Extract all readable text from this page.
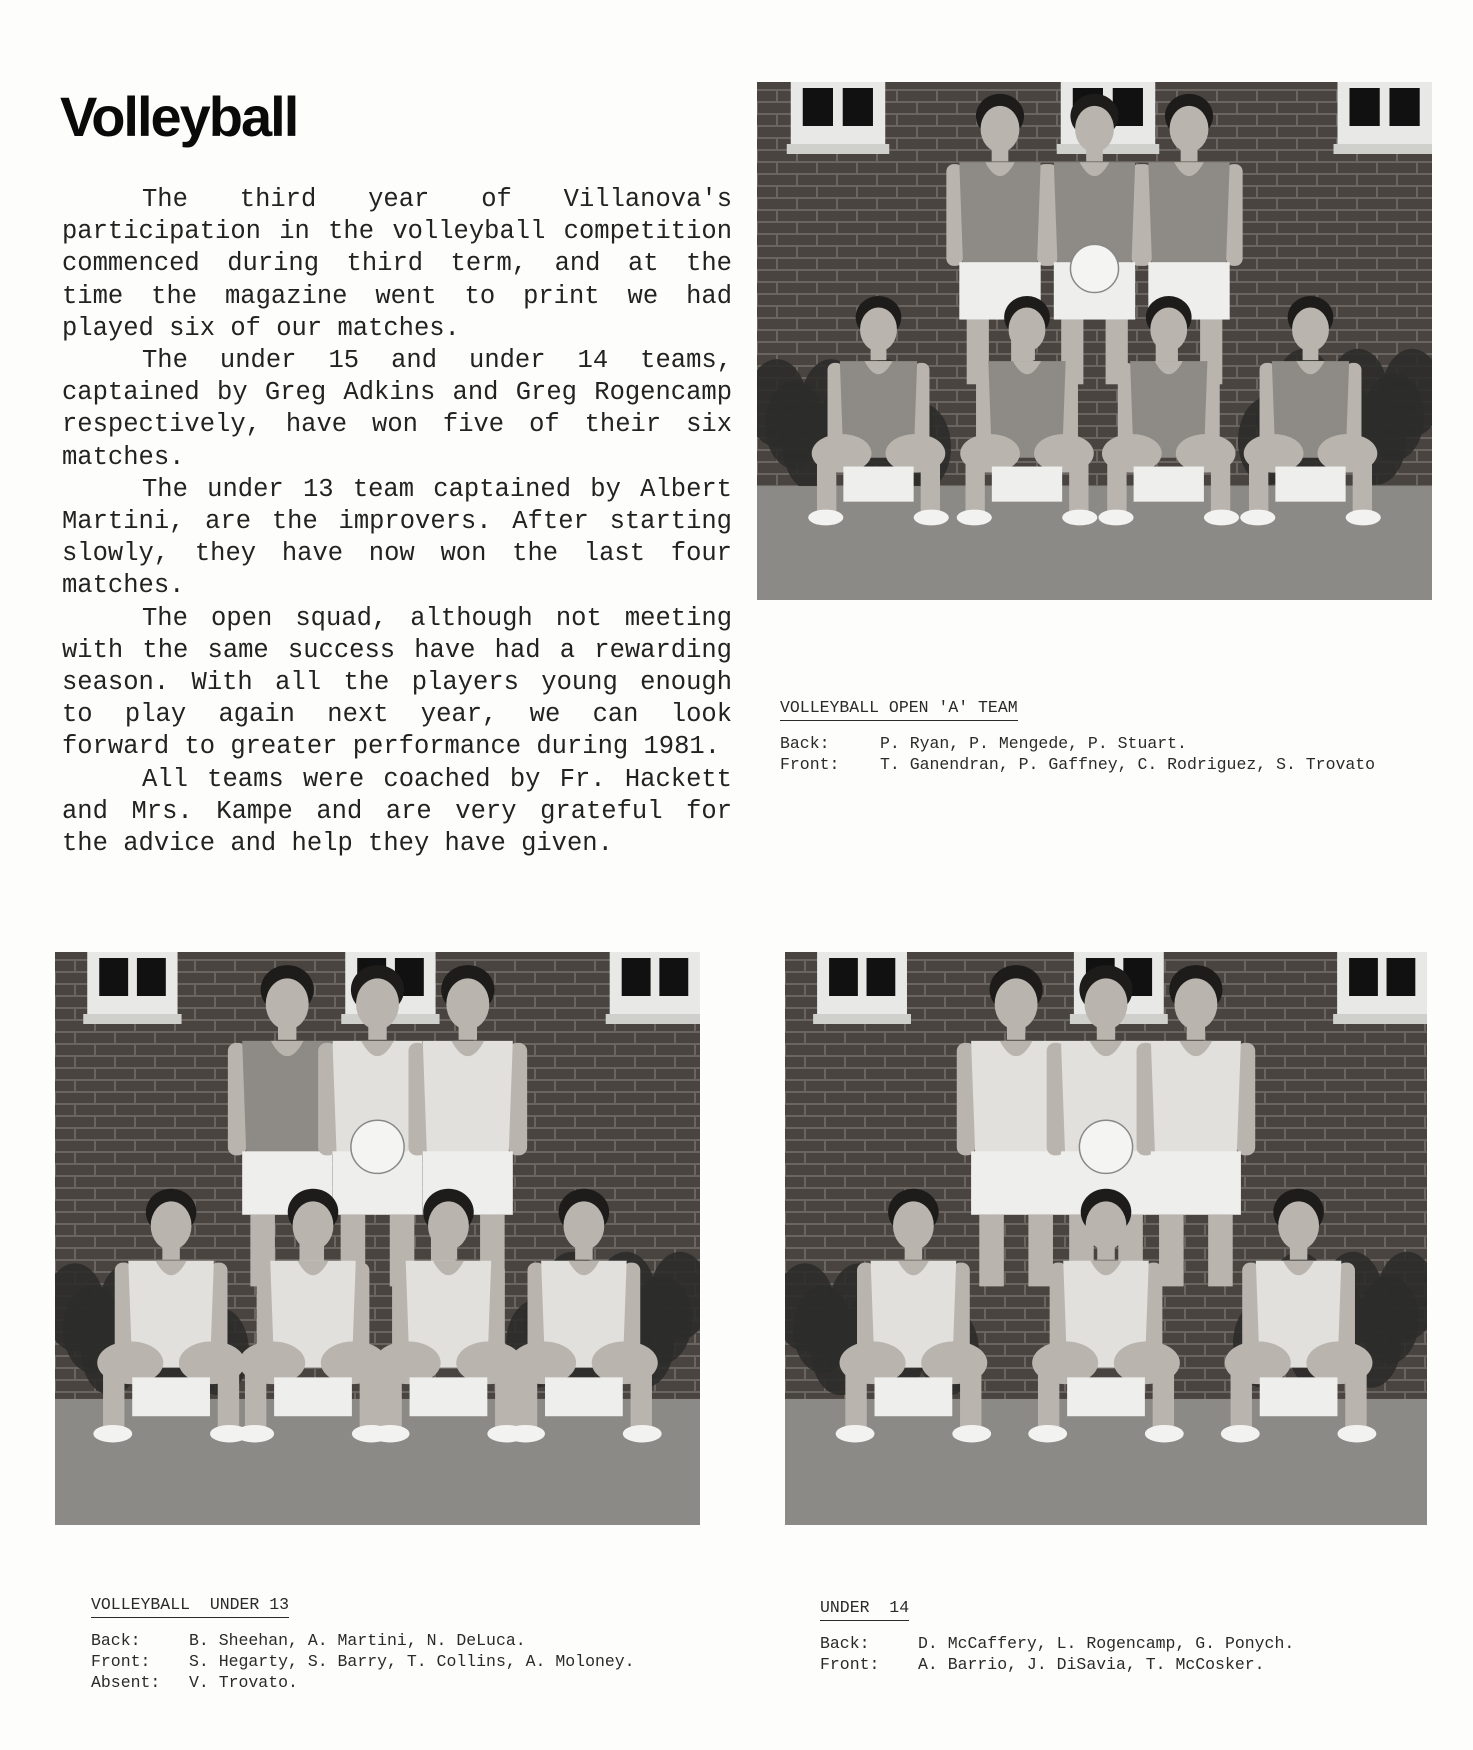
Volleyball

The third year of Villanova's participation in the volleyball competition commenced during third term, and at the time the magazine went to print we had played six of our matches.

The under 15 and under 14 teams, captained by Greg Adkins and Greg Rogencamp respectively, have won five of their six matches.

The under 13 team captained by Albert Martini, are the improvers. After starting slowly, they have now won the last four matches.

The open squad, although not meeting with the same success have had a rewarding season. With all the players young enough to play again next year, we can look forward to greater performance during 1981.

All teams were coached by Fr. Hackett and Mrs. Kampe and are very grateful for the advice and help they have given.

VOLLEYBALL OPEN 'A' TEAM
Back:	P. Ryan, P. Mengede, P. Stuart.
Front:	T. Ganendran, P. Gaffney, C. Rodriguez, S. Trovato
VOLLEYBALL  UNDER 13
Back:	B. Sheehan, A. Martini, N. DeLuca.
Front:	S. Hegarty, S. Barry, T. Collins, A. Moloney.
Absent:	V. Trovato.
UNDER  14
Back:	D. McCaffery, L. Rogencamp, G. Ponych.
Front:	A. Barrio, J. DiSavia, T. McCosker.
